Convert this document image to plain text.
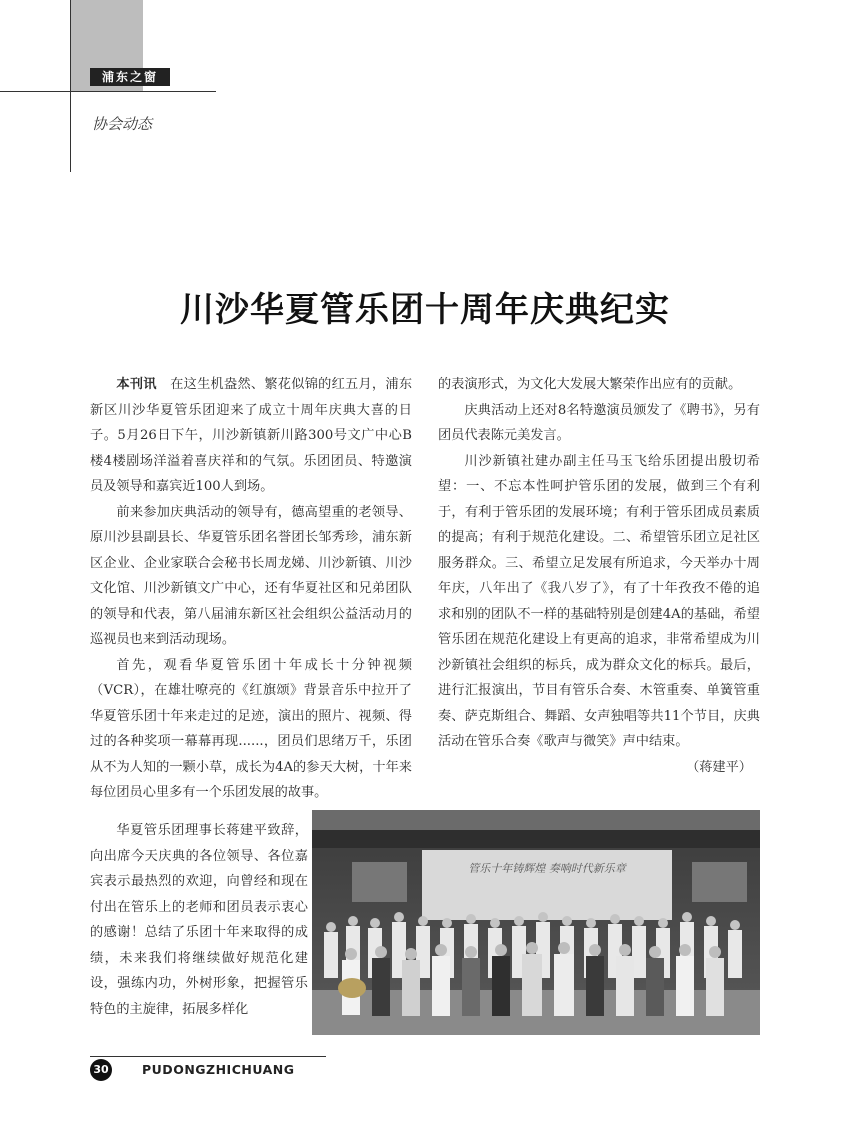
浦东之窗
协会动态
川沙华夏管乐团十周年庆典纪实

本刊讯　 在这生机盎然、繁花似锦的红五月，浦东新区川沙华夏管乐团迎来了成立十周年庆典大喜的日子。5月26日下午，川沙新镇新川路300号文广中心B楼4楼剧场洋溢着喜庆祥和的气氛。乐团团员、特邀演员及领导和嘉宾近100人到场。

前来参加庆典活动的领导有，德高望重的老领导、原川沙县副县长、华夏管乐团名誉团长邹秀珍，浦东新区企业、企业家联合会秘书长周龙娣、川沙新镇、川沙文化馆、川沙新镇文广中心，还有华夏社区和兄弟团队的领导和代表，第八届浦东新区社会组织公益活动月的巡视员也来到活动现场。

首先，观看华夏管乐团十年成长十分钟视频（VCR），在雄壮嘹亮的《红旗颂》背景音乐中拉开了华夏管乐团十年来走过的足迹，演出的照片、视频、得过的各种奖项一幕幕再现......，团员们思绪万千，乐团从不为人知的一颗小草，成长为4A的参天大树，十年来每位团员心里多有一个乐团发展的故事。

华夏管乐团理事长蒋建平致辞，向出席今天庆典的各位领导、各位嘉宾表示最热烈的欢迎，向曾经和现在付出在管乐上的老师和团员表示衷心的感谢！总结了乐团十年来取得的成绩，未来我们将继续做好规范化建设，强练内功，外树形象，把握管乐特色的主旋律，拓展多样化

的表演形式，为文化大发展大繁荣作出应有的贡献。

庆典活动上还对8名特邀演员颁发了《聘书》，另有团员代表陈元美发言。

川沙新镇社建办副主任马玉飞给乐团提出殷切希望：一、不忘本性呵护管乐团的发展，做到三个有利于，有利于管乐团的发展环境；有利于管乐团成员素质的提高；有利于规范化建设。二、希望管乐团立足社区服务群众。三、希望立足发展有所追求，今天举办十周年庆，八年出了《我八岁了》，有了十年孜孜不倦的追求和别的团队不一样的基础特别是创建4A的基础，希望管乐团在规范化建设上有更高的追求，非常希望成为川沙新镇社会组织的标兵，成为群众文化的标兵。最后，进行汇报演出，节目有管乐合奏、木管重奏、单簧管重奏、萨克斯组合、舞蹈、女声独唱等共11个节目，庆典活动在管乐合奏《歌声与微笑》声中结束。

（蒋建平）

管乐十年铸辉煌 奏响时代新乐章
30	PUDONGZHICHUANG
